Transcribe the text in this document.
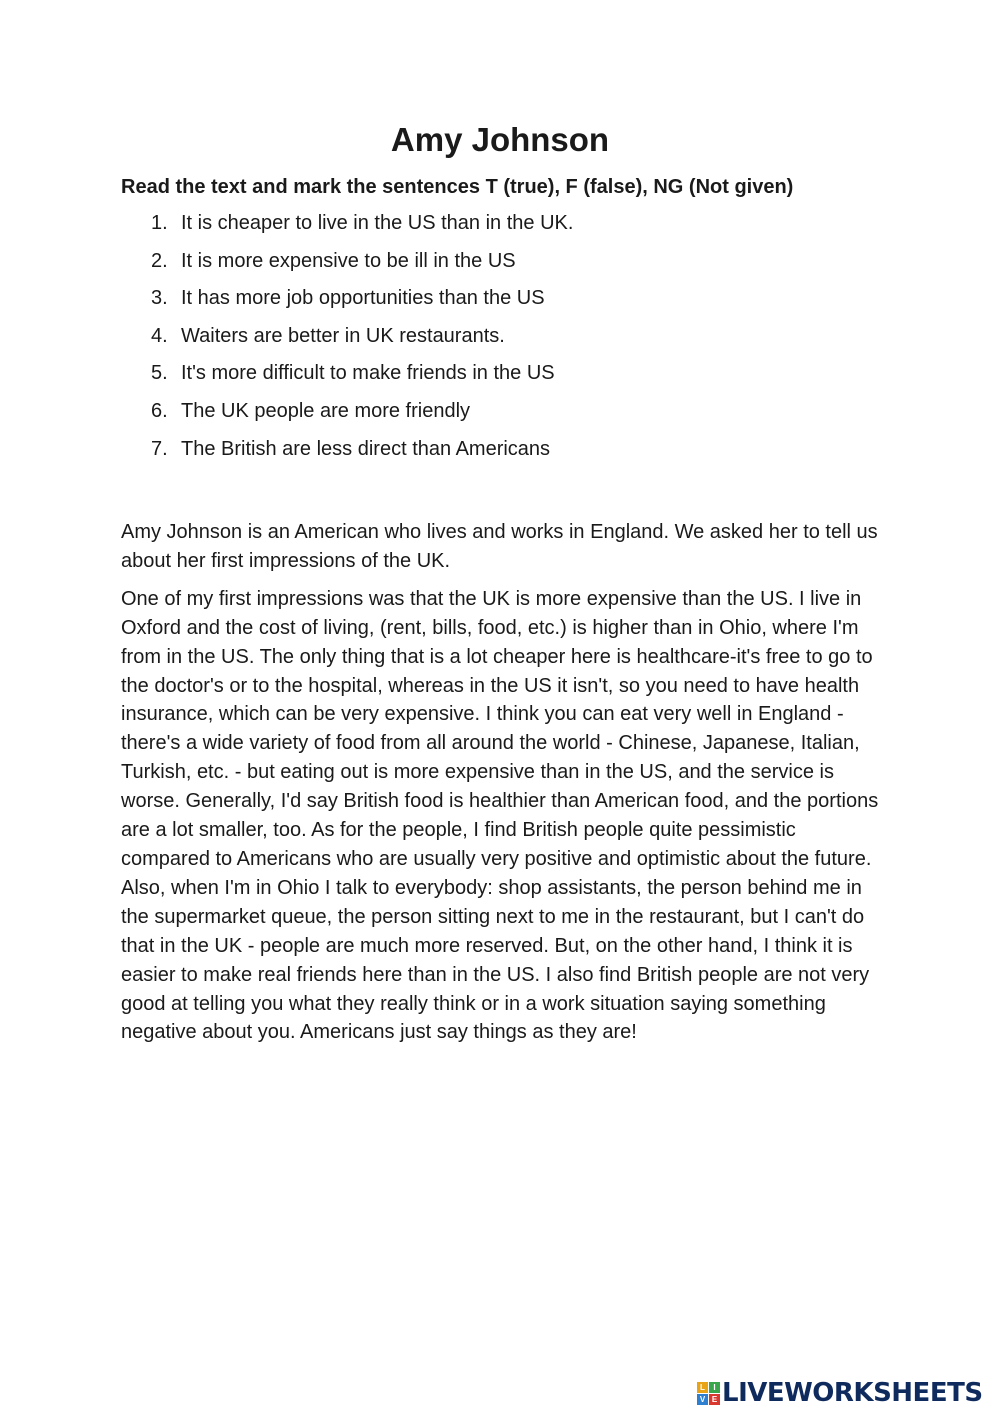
Amy Johnson

Read the text and mark the sentences T (true), F (false), NG (Not given)

1. It is cheaper to live in the US than in the UK.
2. It is more expensive to be ill in the US
3. It has more job opportunities than the US
4. Waiters are better in UK restaurants.
5. It's more difficult to make friends in the US
6. The UK people are more friendly
7. The British are less direct than Americans

Amy Johnson is an American who lives and works in England. We asked her to tell us about her first impressions of the UK.

One of my first impressions was that the UK is more expensive than the US. I live in Oxford and the cost of living, (rent, bills, food, etc.) is higher than in Ohio, where I'm from in the US. The only thing that is a lot cheaper here is healthcare-it's free to go to the doctor's or to the hospital, whereas in the US it isn't, so you need to have health insurance, which can be very expensive. I think you can eat very well in England - there's a wide variety of food from all around the world - Chinese, Japanese, Italian, Turkish, etc. - but eating out is more expensive than in the US, and the service is worse. Generally, I'd say British food is healthier than American food, and the portions are a lot smaller, too. As for the people, I find British people quite pessimistic compared to Americans who are usually very positive and optimistic about the future. Also, when I'm in Ohio I talk to everybody: shop assistants, the person behind me in the supermarket queue, the person sitting next to me in the restaurant, but I can't do that in the UK - people are much more reserved. But, on the other hand, I think it is easier to make real friends here than in the US. I also find British people are not very good at telling you what they really think or in a work situation saying something negative about you. Americans just say things as they are!

L	I
V E LIVEWORKSHEETS
